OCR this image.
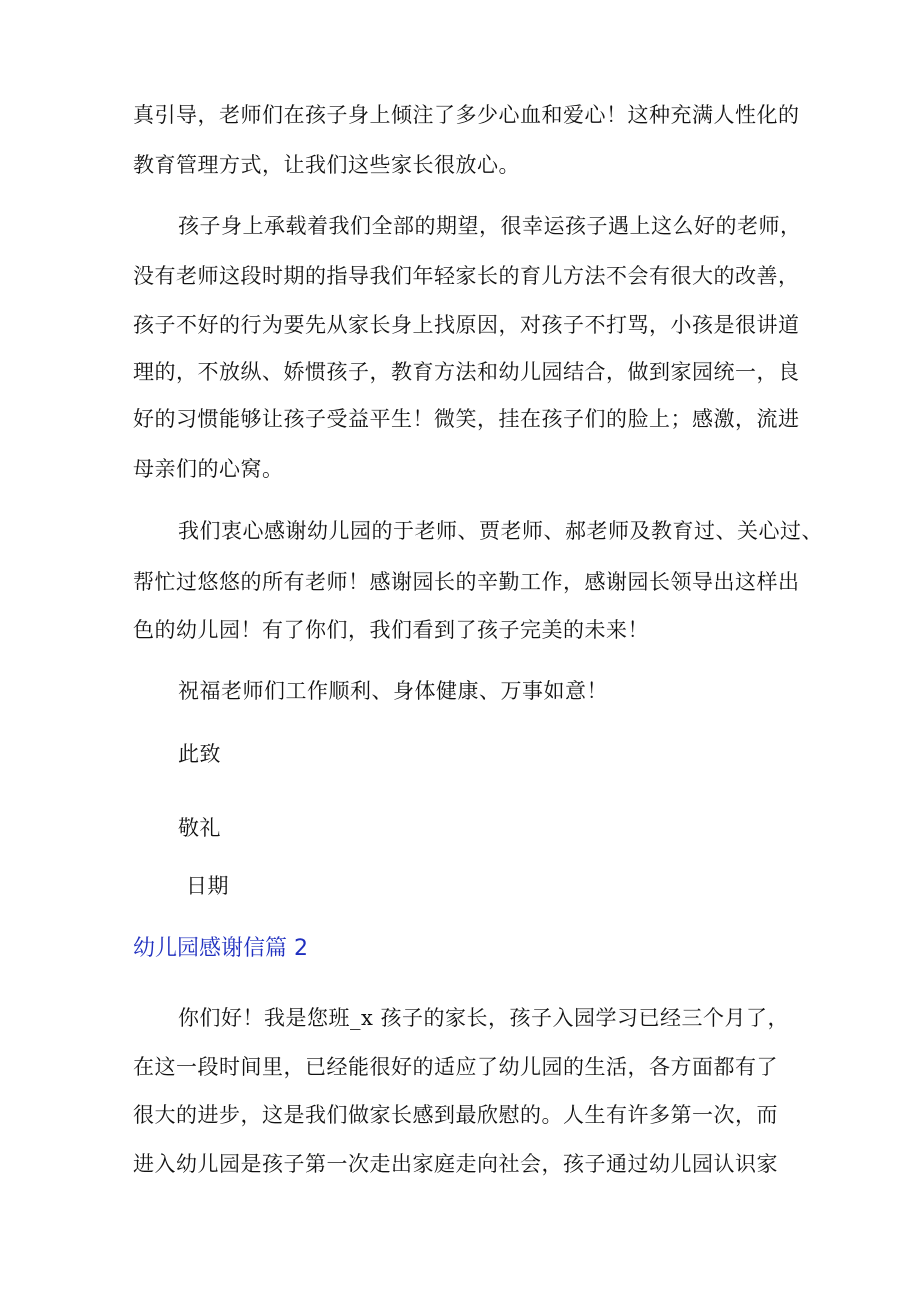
真引导，老师们在孩子身上倾注了多少心血和爱心！这种充满人性化的
教育管理方式，让我们这些家长很放心。
孩子身上承载着我们全部的期望，很幸运孩子遇上这么好的老师，
没有老师这段时期的指导我们年轻家长的育儿方法不会有很大的改善，
孩子不好的行为要先从家长身上找原因，对孩子不打骂，小孩是很讲道
理的，不放纵、娇惯孩子，教育方法和幼儿园结合，做到家园统一，良
好的习惯能够让孩子受益平生！微笑，挂在孩子们的脸上；感激，流进
母亲们的心窝。
我们衷心感谢幼儿园的于老师、贾老师、郝老师及教育过、关心过、
帮忙过悠悠的所有老师！感谢园长的辛勤工作，感谢园长领导出这样出
色的幼儿园！有了你们，我们看到了孩子完美的未来！
祝福老师们工作顺利、身体健康、万事如意！
此致
敬礼
日期
幼儿园感谢信篇 2
你们好！我是您班_x 孩子的家长，孩子入园学习已经三个月了，
在这一段时间里，已经能很好的适应了幼儿园的生活，各方面都有了
很大的进步，这是我们做家长感到最欣慰的。人生有许多第一次，而
进入幼儿园是孩子第一次走出家庭走向社会，孩子通过幼儿园认识家
